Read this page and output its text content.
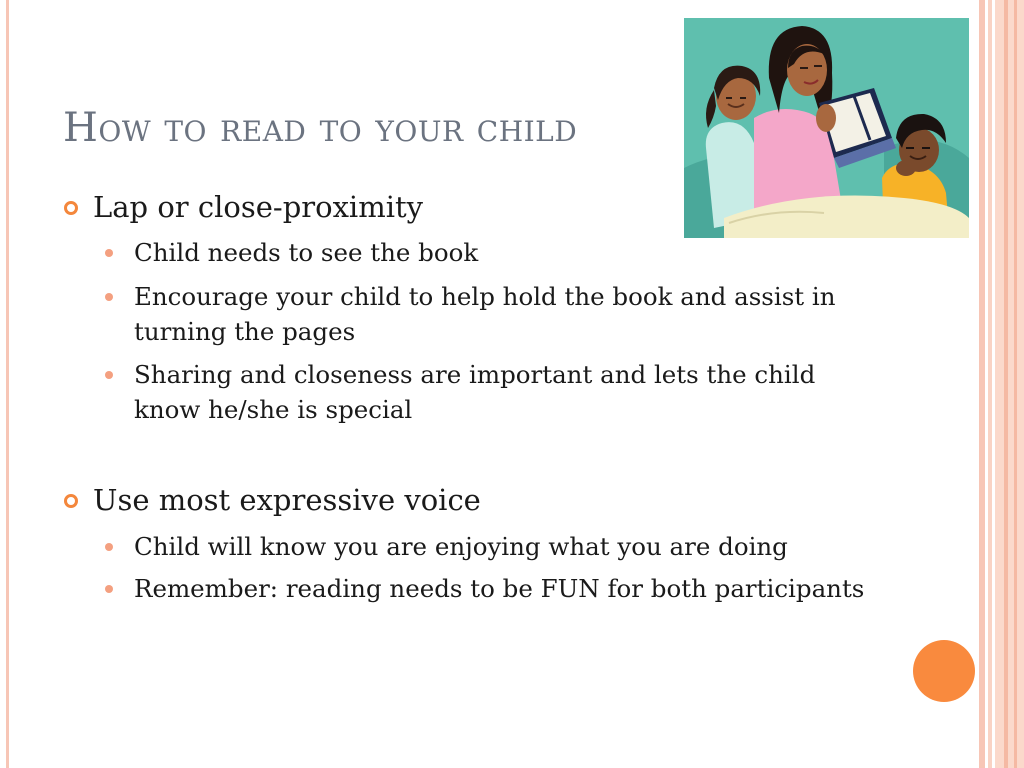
How to read to your child
Lap or close-proximity
Child needs to see the book
Encourage your child to help hold the book and assist in turning the pages
Sharing and closeness are important and lets the child know he/she is special
Use most expressive voice
Child will know you are enjoying what you are doing
Remember: reading needs to be FUN for both participants
